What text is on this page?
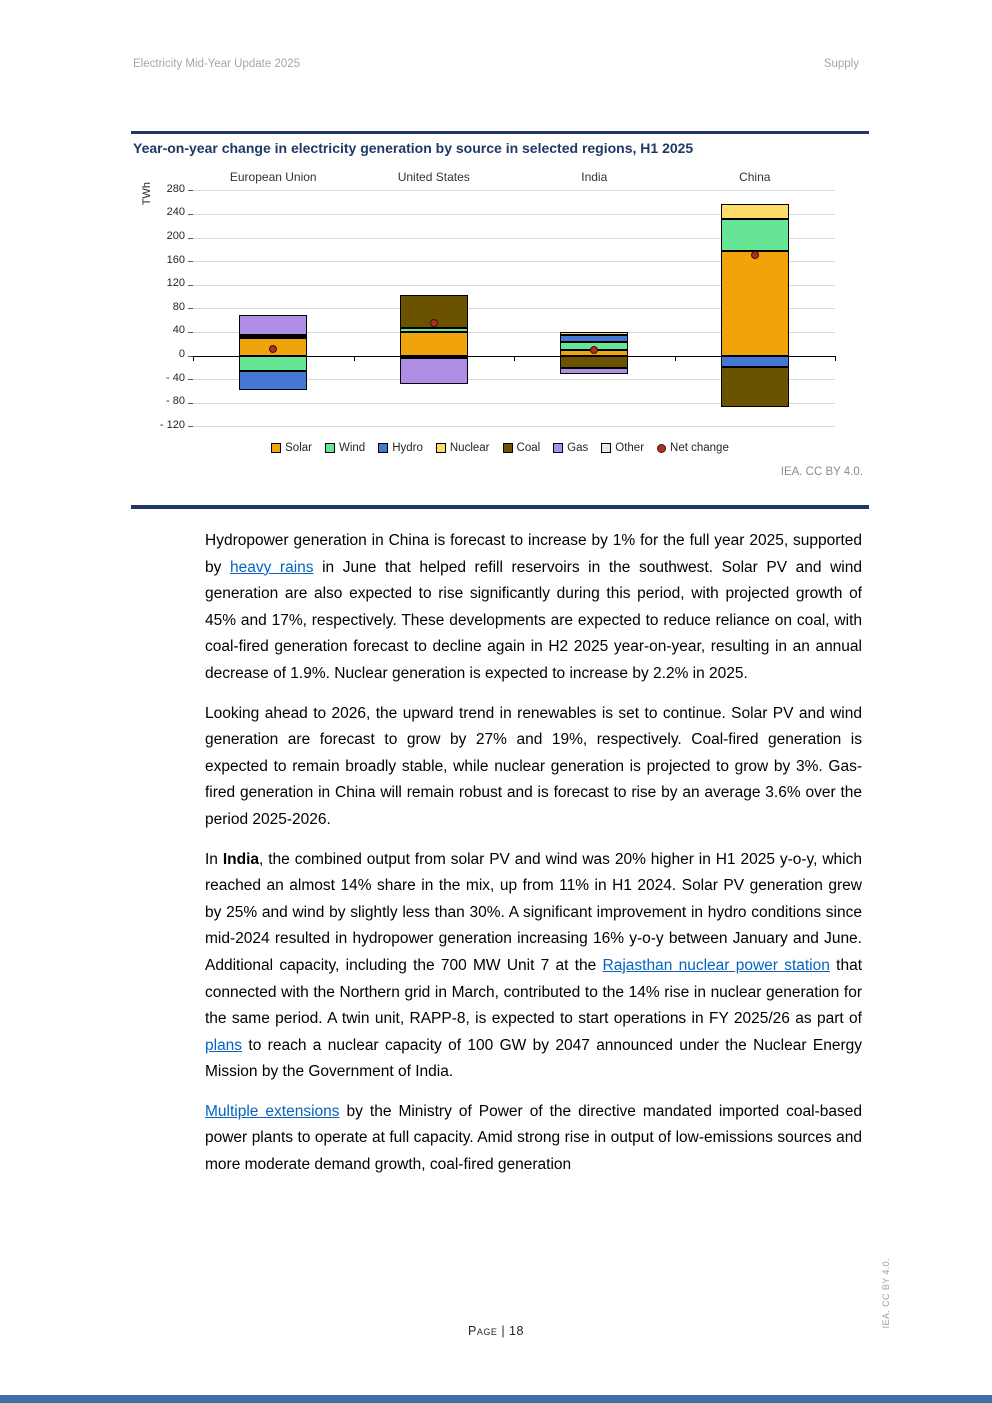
Electricity Mid-Year Update 2025	Supply
Year-on-year change in electricity generation by source in selected regions, H1 2025
TWh	280
240
200
160
120
80
40
0
- 40
- 80
- 120
European Union	United States	India	China
Solar Wind Hydro Nuclear Coal Gas Other Net change
IEA. CC BY 4.0.

Hydropower generation in China is forecast to increase by 1% for the full year 2025, supported by heavy rains in June that helped refill reservoirs in the southwest. Solar PV and wind generation are also expected to rise significantly during this period, with projected growth of 45% and 17%, respectively. These developments are expected to reduce reliance on coal, with coal-fired generation forecast to decline again in H2 2025 year-on-year, resulting in an annual decrease of 1.9%. Nuclear generation is expected to increase by 2.2% in 2025.

Looking ahead to 2026, the upward trend in renewables is set to continue. Solar PV and wind generation are forecast to grow by 27% and 19%, respectively. Coal-fired generation is expected to remain broadly stable, while nuclear generation is projected to grow by 3%. Gas-fired generation in China will remain robust and is forecast to rise by an average 3.6% over the period 2025-2026.

In India, the combined output from solar PV and wind was 20% higher in H1 2025 y-o-y, which reached an almost 14% share in the mix, up from 11% in H1 2024. Solar PV generation grew by 25% and wind by slightly less than 30%. A significant improvement in hydro conditions since mid-2024 resulted in hydropower generation increasing 16% y-o-y between January and June. Additional capacity, including the 700 MW Unit 7 at the Rajasthan nuclear power station that connected with the Northern grid in March, contributed to the 14% rise in nuclear generation for the same period. A twin unit, RAPP-8, is expected to start operations in FY 2025/26 as part of plans to reach a nuclear capacity of 100 GW by 2047 announced under the Nuclear Energy Mission by the Government of India.

Multiple extensions by the Ministry of Power of the directive mandated imported coal-based power plants to operate at full capacity. Amid strong rise in output of low-emissions sources and more moderate demand growth, coal-fired generation

Page | 18
IEA. CC BY 4.0.
